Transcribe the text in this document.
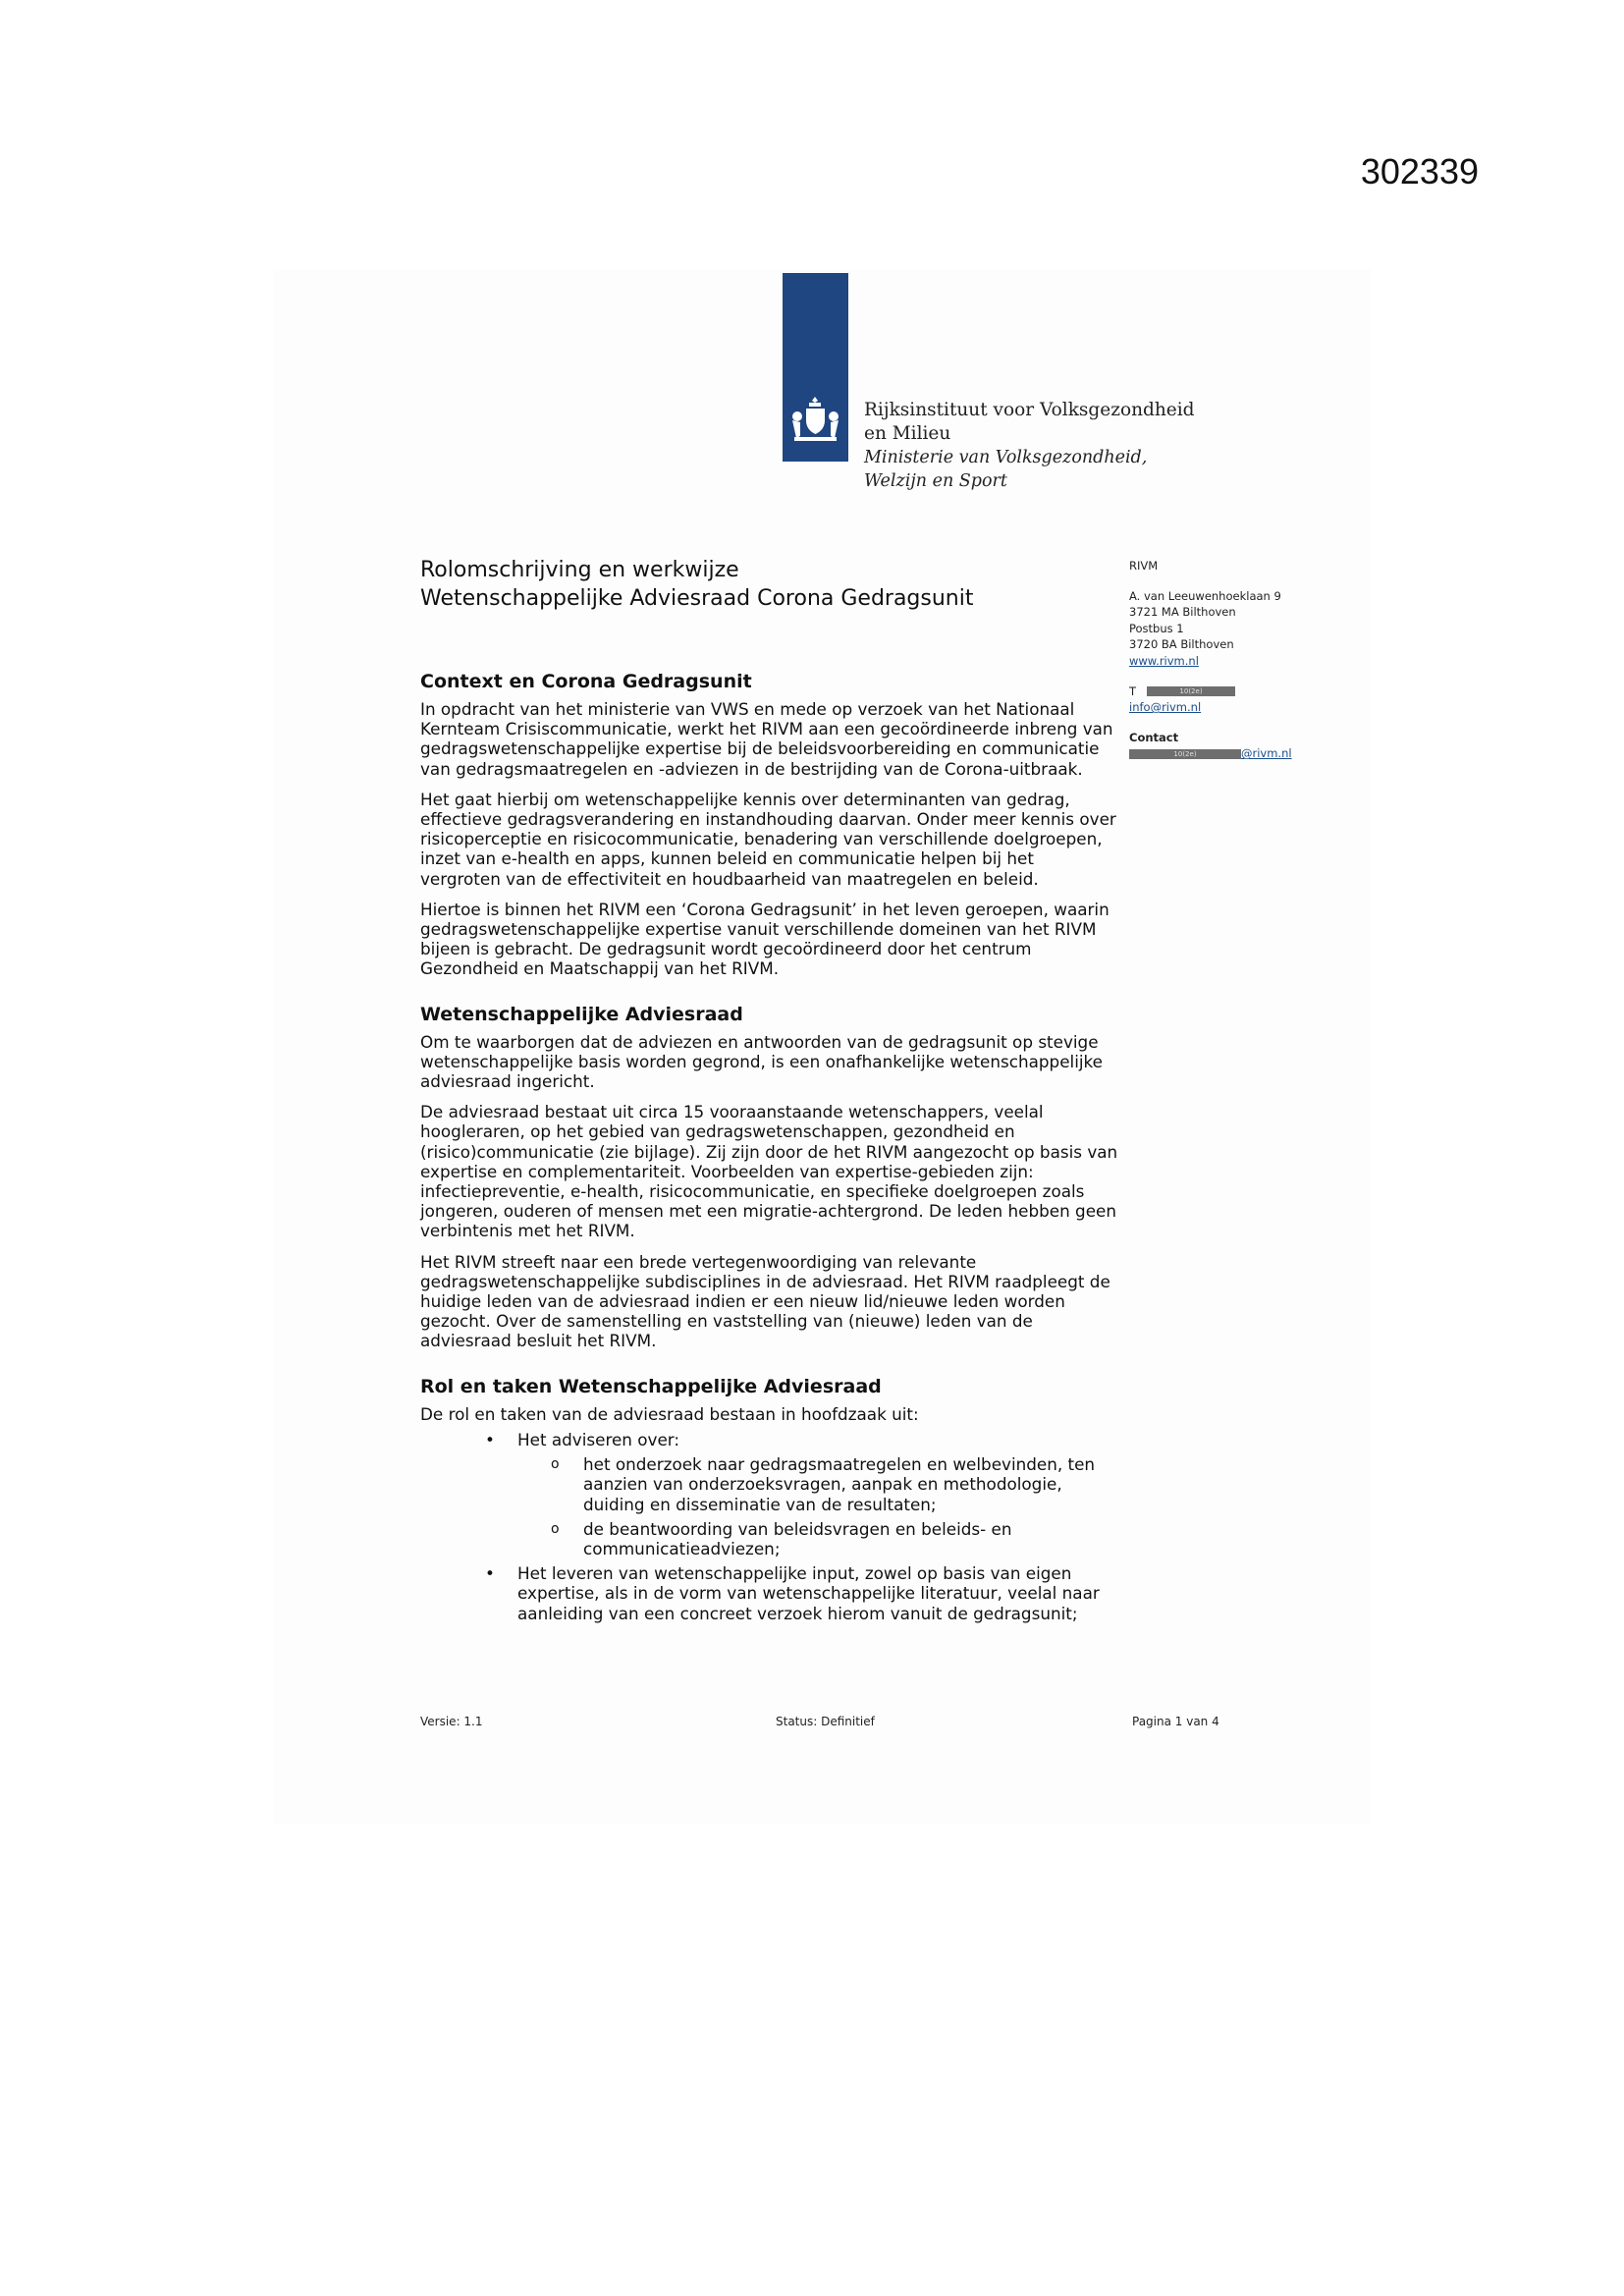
302339
Rijksinstituut voor Volksgezondheid
en Milieu
Ministerie van Volksgezondheid,
Welzijn en Sport
Rolomschrijving en werkwijze
Wetenschappelijke Adviesraad Corona Gedragsunit
RIVM
A. van Leeuwenhoeklaan 9
3721 MA Bilthoven
Postbus 1
3720 BA Bilthoven
www.rivm.nl
T	10(2e)
info@rivm.nl
Contact
10(2e)	@rivm.nl
Context en Corona Gedragsunit

In opdracht van het ministerie van VWS en mede op verzoek van het Nationaal Kernteam Crisiscommunicatie, werkt het RIVM aan een gecoördineerde inbreng van gedragswetenschappelijke expertise bij de beleidsvoorbereiding en communicatie van gedragsmaatregelen en -adviezen in de bestrijding van de Corona-uitbraak.

Het gaat hierbij om wetenschappelijke kennis over determinanten van gedrag, effectieve gedragsverandering en instandhouding daarvan. Onder meer kennis over risicoperceptie en risicocommunicatie, benadering van verschillende doelgroepen, inzet van e-health en apps, kunnen beleid en communicatie helpen bij het vergroten van de effectiviteit en houdbaarheid van maatregelen en beleid.

Hiertoe is binnen het RIVM een ‘Corona Gedragsunit’ in het leven geroepen, waarin gedragswetenschappelijke expertise vanuit verschillende domeinen van het RIVM bijeen is gebracht. De gedragsunit wordt gecoördineerd door het centrum Gezondheid en Maatschappij van het RIVM.

Wetenschappelijke Adviesraad

Om te waarborgen dat de adviezen en antwoorden van de gedragsunit op stevige wetenschappelijke basis worden gegrond, is een onafhankelijke wetenschappelijke adviesraad ingericht.

De adviesraad bestaat uit circa 15 vooraanstaande wetenschappers, veelal hoogleraren, op het gebied van gedragswetenschappen, gezondheid en (risico)communicatie (zie bijlage). Zij zijn door de het RIVM aangezocht op basis van expertise en complementariteit. Voorbeelden van expertise-gebieden zijn: infectiepreventie, e-health, risicocommunicatie, en specifieke doelgroepen zoals jongeren, ouderen of mensen met een migratie-achtergrond. De leden hebben geen verbintenis met het RIVM.

Het RIVM streeft naar een brede vertegenwoordiging van relevante gedragswetenschappelijke subdisciplines in de adviesraad. Het RIVM raadpleegt de huidige leden van de adviesraad indien er een nieuw lid/nieuwe leden worden gezocht. Over de samenstelling en vaststelling van (nieuwe) leden van de adviesraad besluit het RIVM.

Rol en taken Wetenschappelijke Adviesraad

De rol en taken van de adviesraad bestaan in hoofdzaak uit:

• Het adviseren over:
o het onderzoek naar gedragsmaatregelen en welbevinden, ten aanzien van onderzoeksvragen, aanpak en methodologie, duiding en disseminatie van de resultaten;
o de beantwoording van beleidsvragen en beleids- en communicatieadviezen;
• Het leveren van wetenschappelijke input, zowel op basis van eigen expertise, als in de vorm van wetenschappelijke literatuur, veelal naar aanleiding van een concreet verzoek hierom vanuit de gedragsunit;
Versie: 1.1	Status: Definitief	Pagina 1 van 4
